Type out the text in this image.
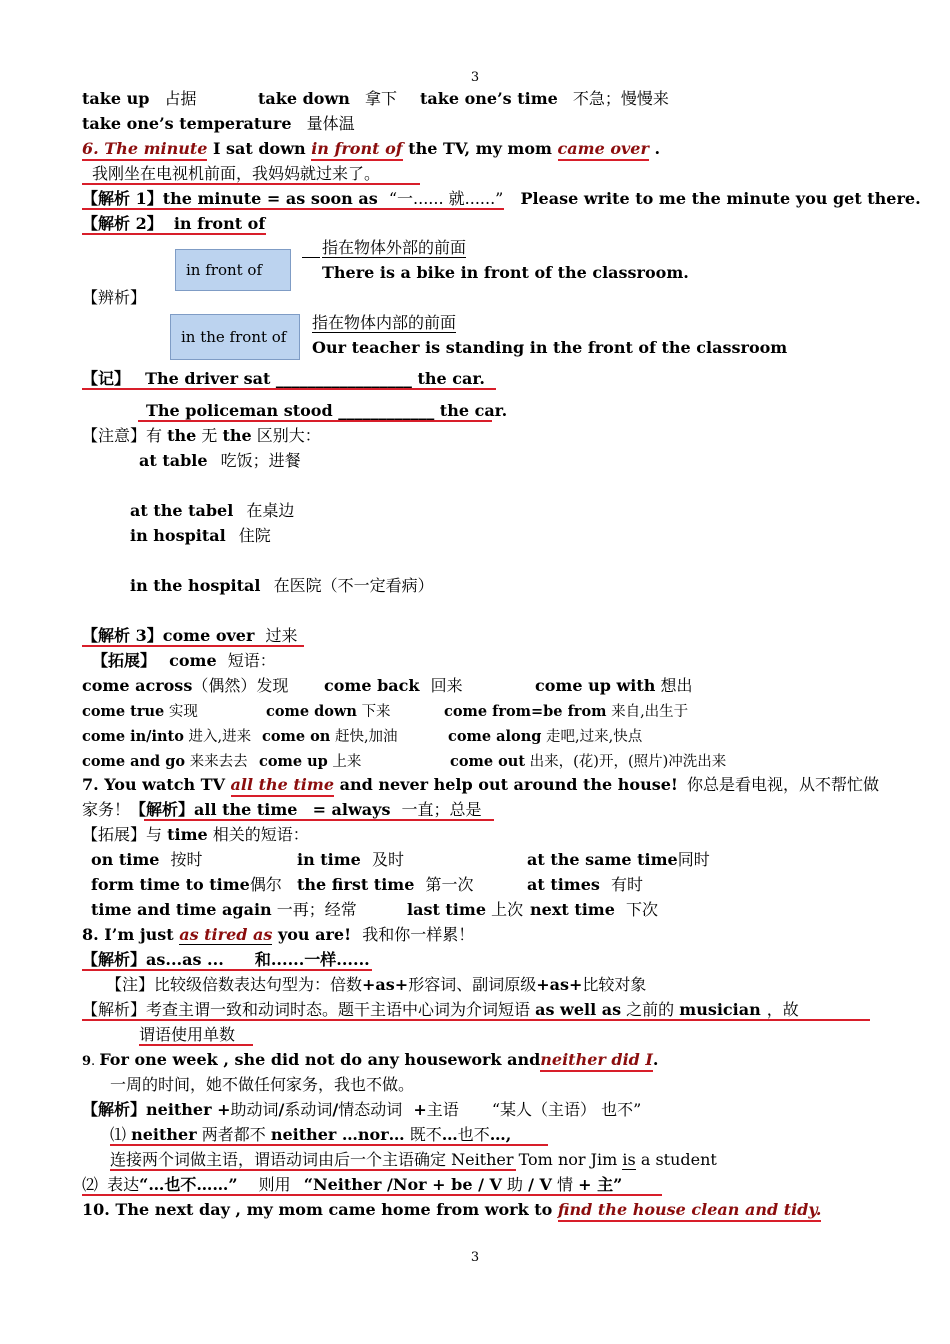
3
take up 占据	take down 拿下 take one’s time 不急；慢慢来
take one’s temperature 量体温
6. The minute I sat down in front of the TV, my mom came over .
我刚坐在电视机前面，我妈妈就过来了。
【解析 1】the minute = as soon as “一...... 就......” Please write to me the minute you get there.
【解析 2】 in front of
in front of
指在物体外部的前面
There is a bike in front of the classroom.
【辨析】
in the front of
指在物体内部的前面
Our teacher is standing in the front of the classroom
【记】 The driver sat _________________ the car.
The policeman stood ____________ the car.
【注意】有 the 无 the 区别大：
at table 吃饭；进餐
at the tabel 在桌边
in hospital 住院
in the hospital 在医院（不一定看病）
【解析 3】come over 过来
【拓展】 come 短语：
come across（偶然）发现 come back 回来	come up with 想出
come true 实现	come down 下来	come from=be from 来自,出生于
come in/into 进入,进来 come on 赶快,加油	come along 走吧,过来,快点
come and go 来来去去 come up 上来	come out 出来，(花)开，(照片)冲洗出来
7. You watch TV all the time and never help out around the house! 你总是看电视，从不帮忙做
家务！【解析】all the time = always 一直；总是
【拓展】与 time 相关的短语：
on time 按时	in time 及时	at the same time同时
form time to time偶尔 the first time 第一次	at times 有时
time and time again 一再；经常	last time 上次 next time 下次
8. I’m just as tired as you are! 我和你一样累！
【解析】as...as ... 和......一样......
【注】比较级倍数表达句型为：倍数+as+形容词、副词原级+as+比较对象
【解析】考查主谓一致和动词时态。题干主语中心词为介词短语 as well as 之前的 musician ，故
谓语使用单数
9. For one week , she did not do any housework andneither did I.
一周的时间，她不做任何家务，我也不做。
【解析】neither +助动词/系动词/情态动词 +主语 “某人（主语） 也不”
⑴ neither 两者都不 neither …nor… 既不…也不…,
连接两个词做主语，谓语动词由后一个主语确定 Neither Tom nor Jim is a student
⑵ 表达“…也不……” 则用 “Neither /Nor + be / V 助 / V 情 + 主”
10. The next day , my mom came home from work to find the house clean and tidy.
3
